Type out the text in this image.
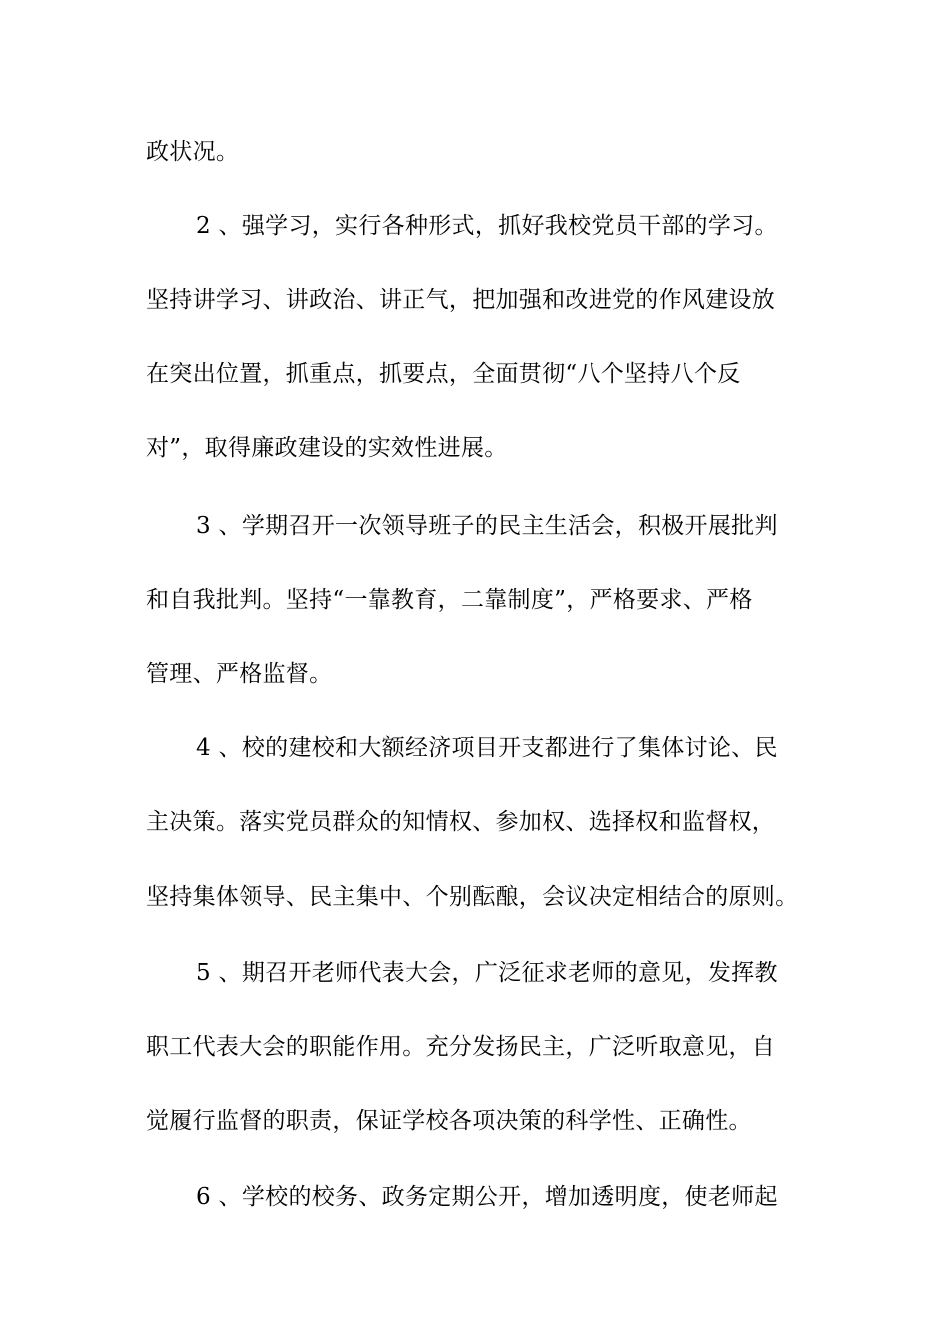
政状况。
2 、强学习，实行各种形式，抓好我校党员干部的学习。
坚持讲学习、讲政治、讲正气，把加强和改进党的作风建设放
在突出位置，抓重点，抓要点，全面贯彻“八个坚持八个反
对”，取得廉政建设的实效性进展。
3 、学期召开一次领导班子的民主生活会，积极开展批判
和自我批判。坚持“一靠教育，二靠制度”，严格要求、严格
管理、严格监督。
4 、校的建校和大额经济项目开支都进行了集体讨论、民
主决策。落实党员群众的知情权、参加权、选择权和监督权，
坚持集体领导、民主集中、个别酝酿，会议决定相结合的原则。
5 、期召开老师代表大会，广泛征求老师的意见，发挥教
职工代表大会的职能作用。充分发扬民主，广泛听取意见，自
觉履行监督的职责，保证学校各项决策的科学性、正确性。
6 、学校的校务、政务定期公开，增加透明度，使老师起
